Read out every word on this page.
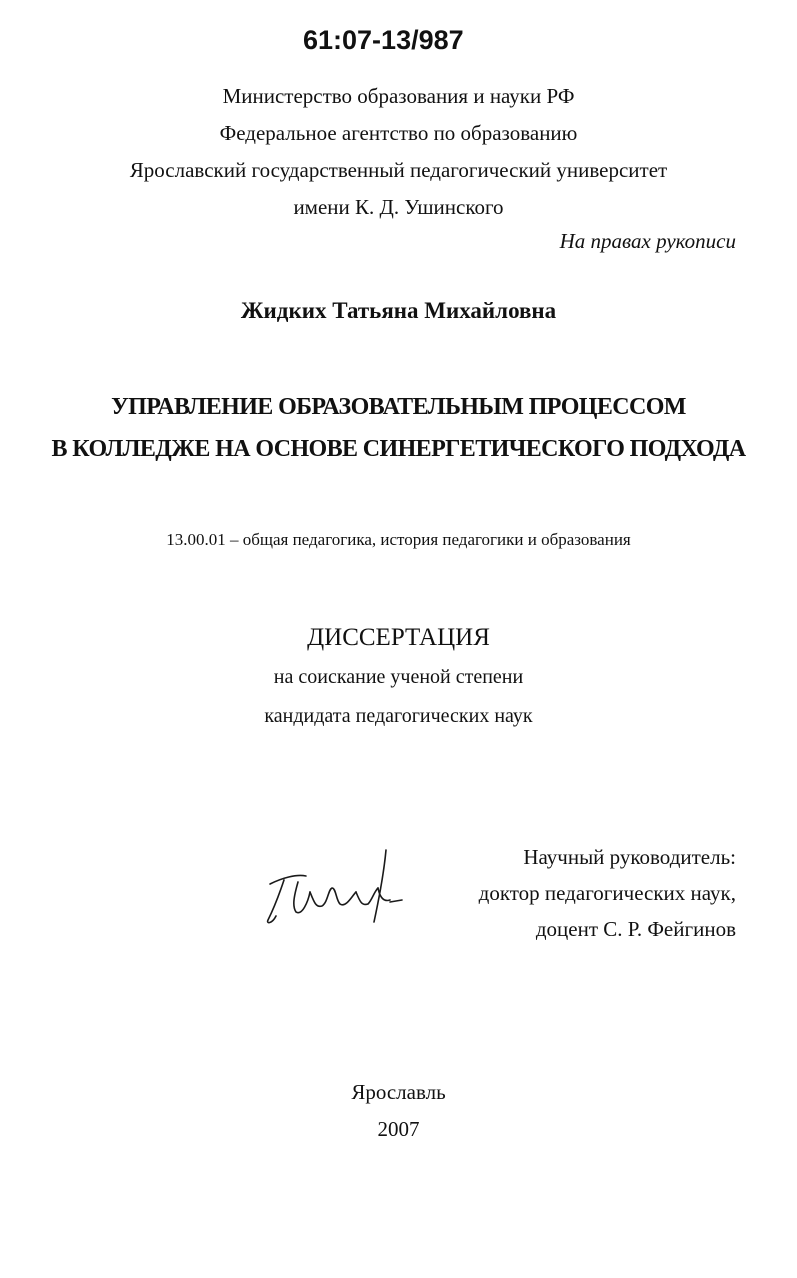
61:07-13/987
Министерство образования и науки РФ
Федеральное агентство по образованию
Ярославский государственный педагогический университет
имени К. Д. Ушинского
На правах рукописи
Жидких Татьяна Михайловна
УПРАВЛЕНИЕ ОБРАЗОВАТЕЛЬНЫМ ПРОЦЕССОМ
В КОЛЛЕДЖЕ НА ОСНОВЕ СИНЕРГЕТИЧЕСКОГО ПОДХОДА
13.00.01 – общая педагогика, история педагогики и образования
ДИССЕРТАЦИЯ
на соискание ученой степени
кандидата педагогических наук
Научный руководитель:
доктор педагогических наук,
доцент С. Р. Фейгинов
Ярославль
2007
